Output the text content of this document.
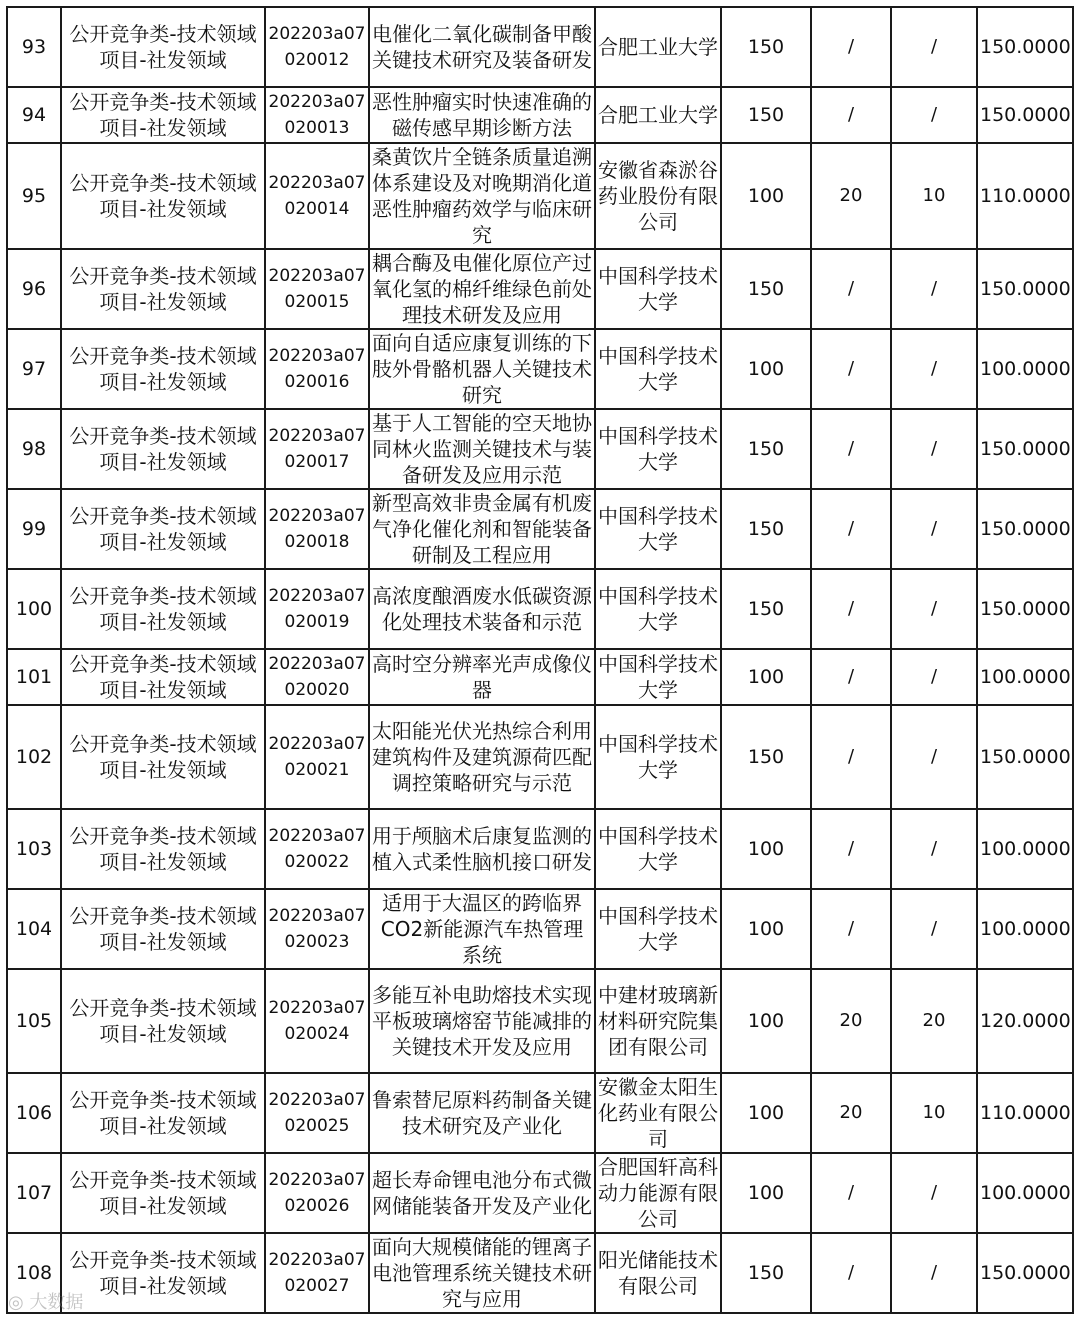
93	公开竞争类-技术领域项目-社发领域	202203a07020012	电催化二氧化碳制备甲酸关键技术研究及装备研发	合肥工业大学	150	/	/	150.0000
94	公开竞争类-技术领域项目-社发领域	202203a07020013	恶性肿瘤实时快速准确的磁传感早期诊断方法	合肥工业大学	150	/	/	150.0000
95	公开竞争类-技术领域项目-社发领域	202203a07020014	桑黄饮片全链条质量追溯体系建设及对晚期消化道恶性肿瘤药效学与临床研究	安徽省森淤谷药业股份有限公司	100	20	10	110.0000
96	公开竞争类-技术领域项目-社发领域	202203a07020015	耦合酶及电催化原位产过氧化氢的棉纤维绿色前处理技术研发及应用	中国科学技术大学	150	/	/	150.0000
97	公开竞争类-技术领域项目-社发领域	202203a07020016	面向自适应康复训练的下肢外骨骼机器人关键技术研究	中国科学技术大学	100	/	/	100.0000
98	公开竞争类-技术领域项目-社发领域	202203a07020017	基于人工智能的空天地协同林火监测关键技术与装备研发及应用示范	中国科学技术大学	150	/	/	150.0000
99	公开竞争类-技术领域项目-社发领域	202203a07020018	新型高效非贵金属有机废气净化催化剂和智能装备研制及工程应用	中国科学技术大学	150	/	/	150.0000
100	公开竞争类-技术领域项目-社发领域	202203a07020019	高浓度酿酒废水低碳资源化处理技术装备和示范	中国科学技术大学	150	/	/	150.0000
101	公开竞争类-技术领域项目-社发领域	202203a07020020	高时空分辨率光声成像仪器	中国科学技术大学	100	/	/	100.0000
102	公开竞争类-技术领域项目-社发领域	202203a07020021	太阳能光伏光热综合利用建筑构件及建筑源荷匹配调控策略研究与示范	中国科学技术大学	150	/	/	150.0000
103	公开竞争类-技术领域项目-社发领域	202203a07020022	用于颅脑术后康复监测的植入式柔性脑机接口研发	中国科学技术大学	100	/	/	100.0000
104	公开竞争类-技术领域项目-社发领域	202203a07020023	适用于大温区的跨临界CO2新能源汽车热管理系统	中国科学技术大学	100	/	/	100.0000
105	公开竞争类-技术领域项目-社发领域	202203a07020024	多能互补电助熔技术实现平板玻璃熔窑节能减排的关键技术开发及应用	中建材玻璃新材料研究院集团有限公司	100	20	20	120.0000
106	公开竞争类-技术领域项目-社发领域	202203a07020025	鲁索替尼原料药制备关键技术研究及产业化	安徽金太阳生化药业有限公司	100	20	10	110.0000
107	公开竞争类-技术领域项目-社发领域	202203a07020026	超长寿命锂电池分布式微网储能装备开发及产业化	合肥国轩高科动力能源有限公司	100	/	/	100.0000
108	公开竞争类-技术领域项目-社发领域	202203a07020027	面向大规模储能的锂离子电池管理系统关键技术研究与应用	阳光储能技术有限公司	150	/	/	150.0000
◎ 大数据
